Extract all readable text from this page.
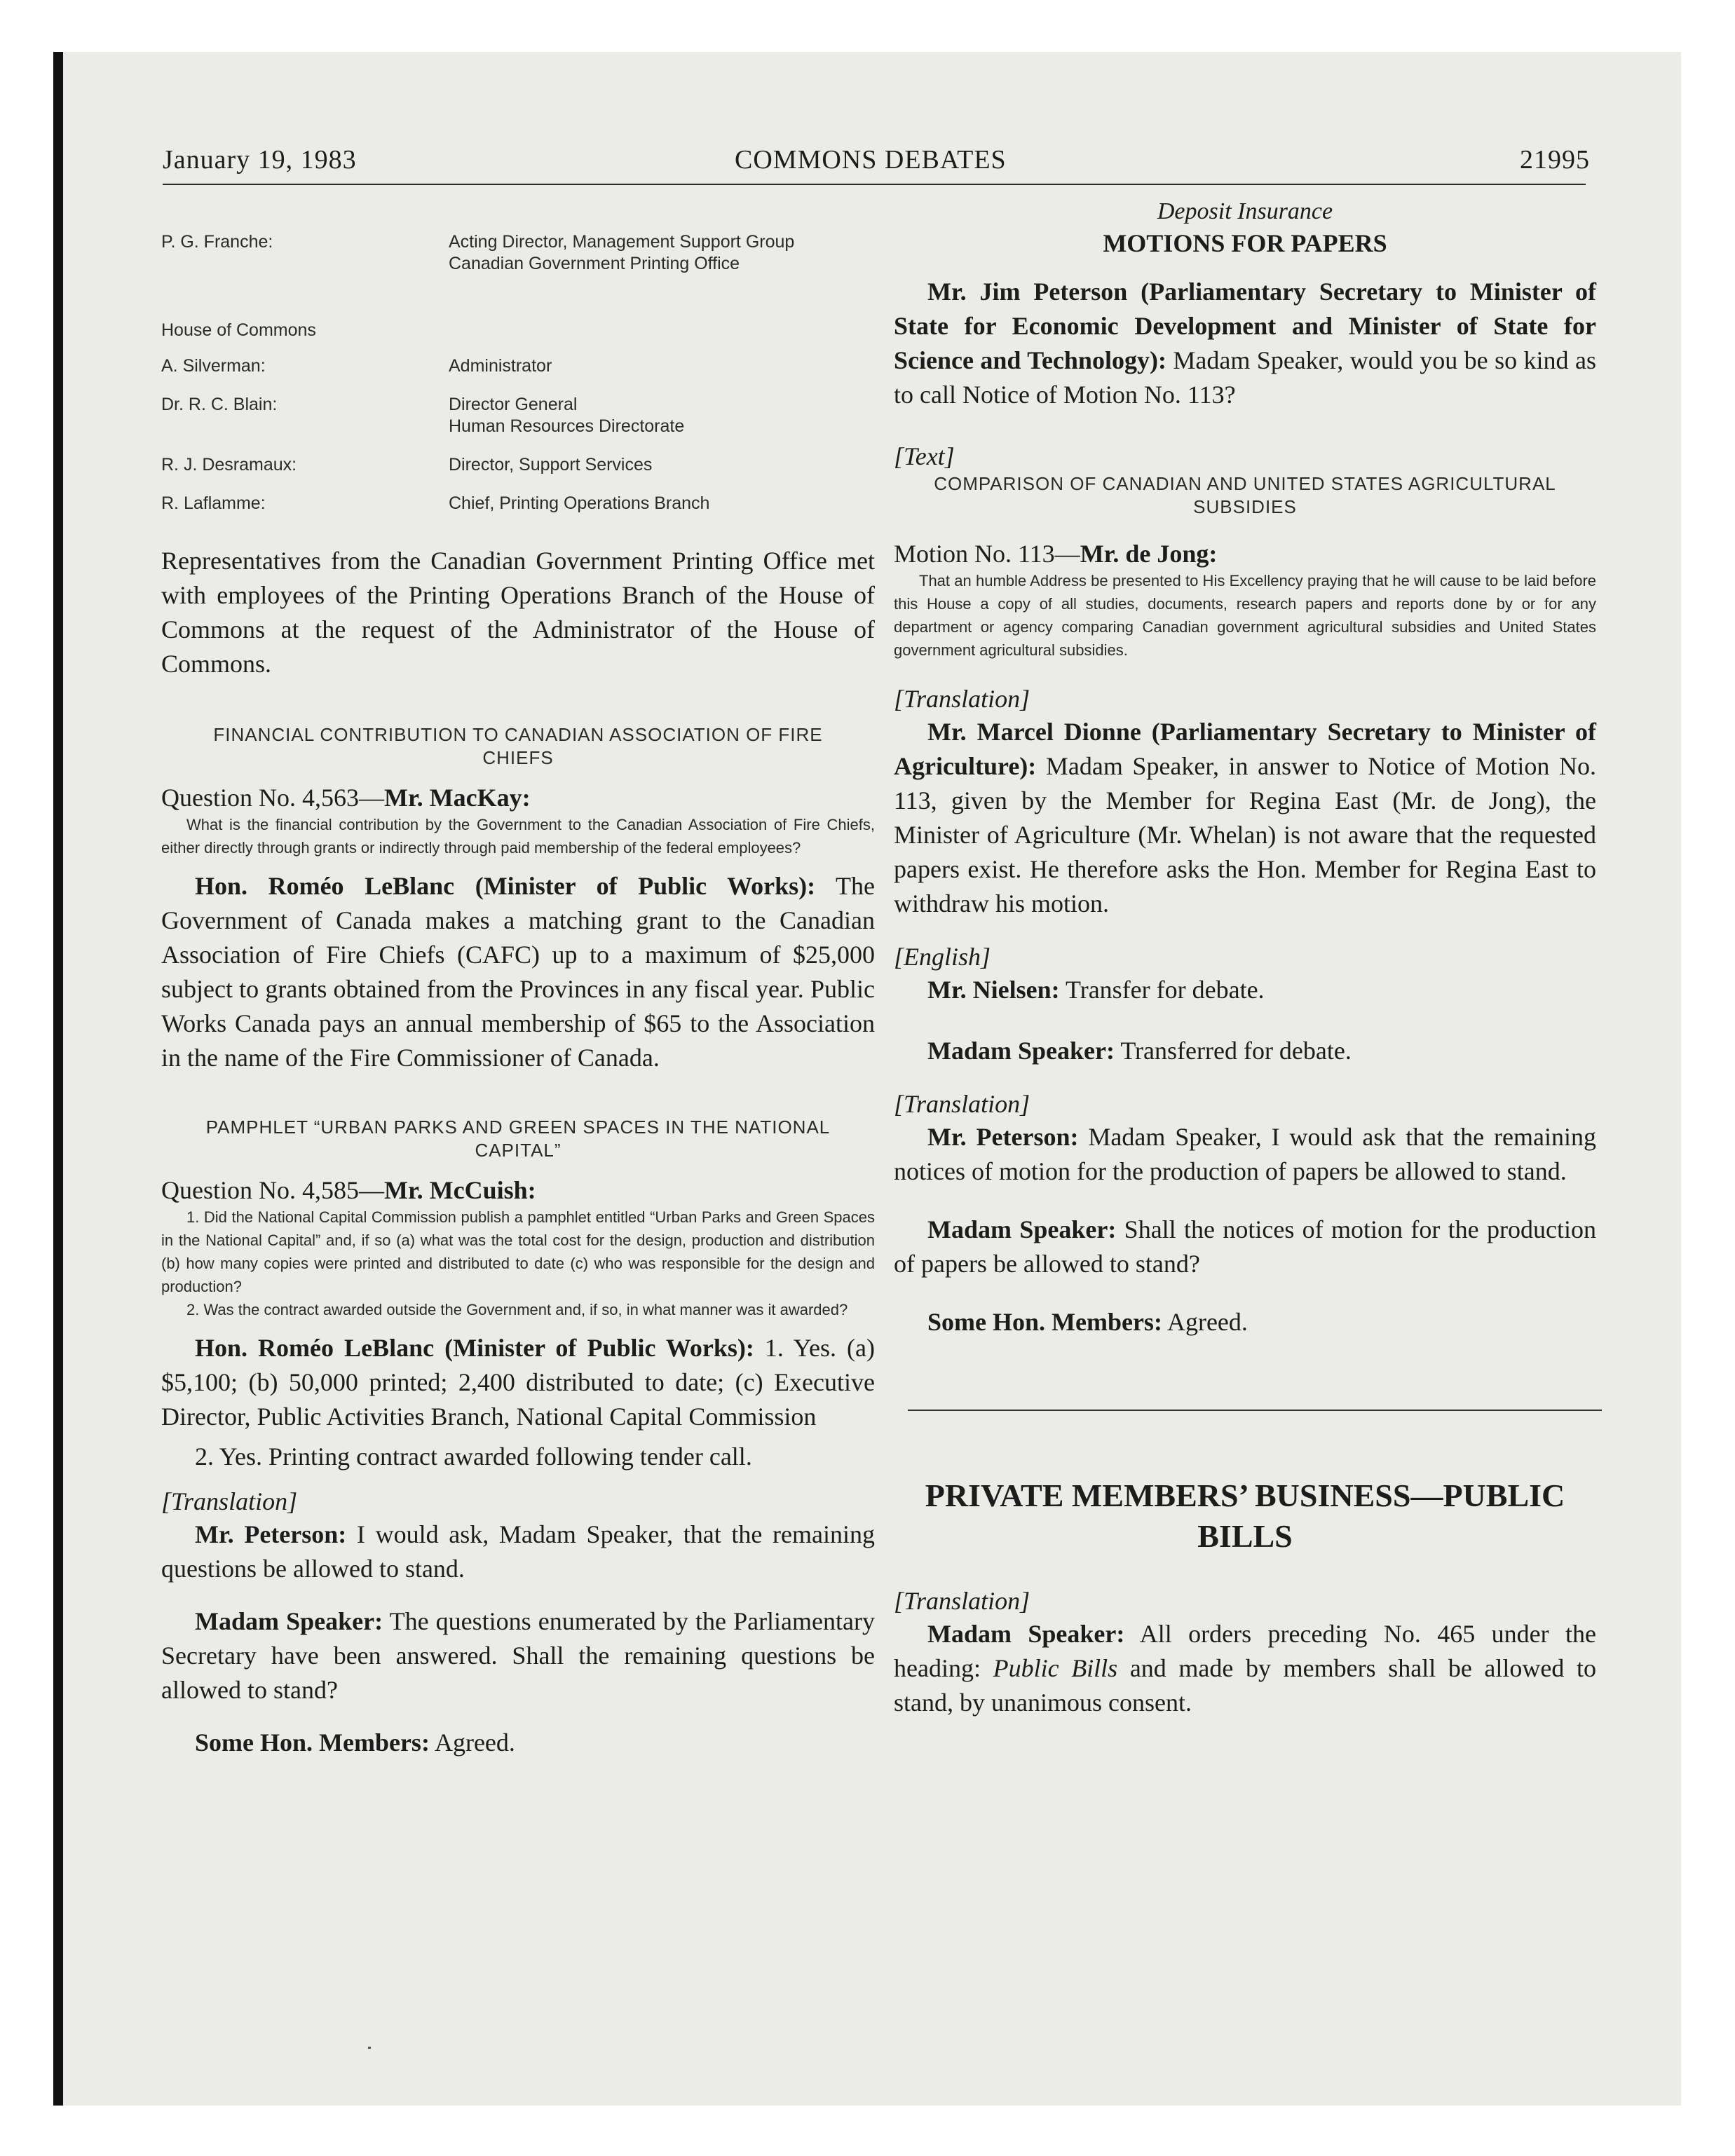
January 19, 1983	COMMONS DEBATES	21995
P. G. Franche:	Acting Director, Management Support Group
Canadian Government Printing Office
House of Commons
A. Silverman:	Administrator
Dr. R. C. Blain:	Director General
Human Resources Directorate
R. J. Desramaux:	Director, Support Services
R. Laflamme:	Chief, Printing Operations Branch

Representatives from the Canadian Government Printing Office met with employees of the Printing Operations Branch of the House of Commons at the request of the Administrator of the House of Commons.

FINANCIAL CONTRIBUTION TO CANADIAN ASSOCIATION OF FIRE CHIEFS

Question No. 4,563—Mr. MacKay:

What is the financial contribution by the Government to the Canadian Association of Fire Chiefs, either directly through grants or indirectly through paid membership of the federal employees?

Hon. Roméo LeBlanc (Minister of Public Works): The Government of Canada makes a matching grant to the Canadian Association of Fire Chiefs (CAFC) up to a maximum of $25,000 subject to grants obtained from the Provinces in any fiscal year. Public Works Canada pays an annual membership of $65 to the Association in the name of the Fire Commissioner of Canada.

PAMPHLET “URBAN PARKS AND GREEN SPACES IN THE NATIONAL CAPITAL”

Question No. 4,585—Mr. McCuish:

1. Did the National Capital Commission publish a pamphlet entitled “Urban Parks and Green Spaces in the National Capital” and, if so (a) what was the total cost for the design, production and distribution (b) how many copies were printed and distributed to date (c) who was responsible for the design and production?

2. Was the contract awarded outside the Government and, if so, in what manner was it awarded?

Hon. Roméo LeBlanc (Minister of Public Works): 1. Yes. (a) $5,100; (b) 50,000 printed; 2,400 distributed to date; (c) Executive Director, Public Activities Branch, National Capital Commission

2. Yes. Printing contract awarded following tender call.

[Translation]

Mr. Peterson: I would ask, Madam Speaker, that the remaining questions be allowed to stand.

Madam Speaker: The questions enumerated by the Parliamentary Secretary have been answered. Shall the remaining questions be allowed to stand?

Some Hon. Members: Agreed.

Deposit Insurance

MOTIONS FOR PAPERS

Mr. Jim Peterson (Parliamentary Secretary to Minister of State for Economic Development and Minister of State for Science and Technology): Madam Speaker, would you be so kind as to call Notice of Motion No. 113?

[Text]

COMPARISON OF CANADIAN AND UNITED STATES AGRICULTURAL SUBSIDIES

Motion No. 113—Mr. de Jong:

That an humble Address be presented to His Excellency praying that he will cause to be laid before this House a copy of all studies, documents, research papers and reports done by or for any department or agency comparing Canadian government agricultural subsidies and United States government agricultural subsidies.

[Translation]

Mr. Marcel Dionne (Parliamentary Secretary to Minister of Agriculture): Madam Speaker, in answer to Notice of Motion No. 113, given by the Member for Regina East (Mr. de Jong), the Minister of Agriculture (Mr. Whelan) is not aware that the requested papers exist. He therefore asks the Hon. Member for Regina East to withdraw his motion.

[English]

Mr. Nielsen: Transfer for debate.

Madam Speaker: Transferred for debate.

[Translation]

Mr. Peterson: Madam Speaker, I would ask that the remaining notices of motion for the production of papers be allowed to stand.

Madam Speaker: Shall the notices of motion for the production of papers be allowed to stand?

Some Hon. Members: Agreed.

PRIVATE MEMBERS’ BUSINESS—PUBLIC BILLS

[Translation]

Madam Speaker: All orders preceding No. 465 under the heading: Public Bills and made by members shall be allowed to stand, by unanimous consent.
